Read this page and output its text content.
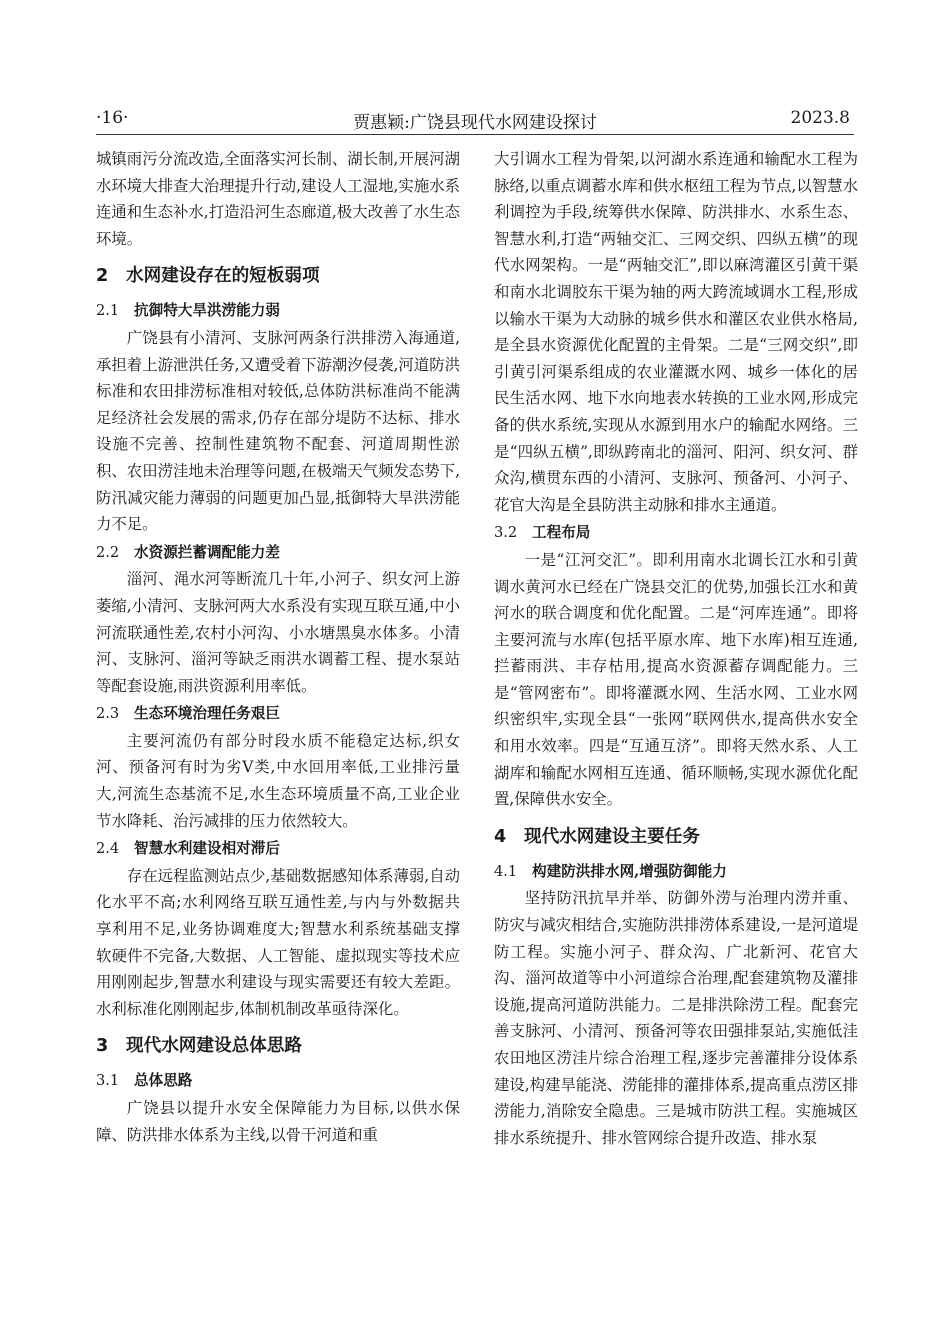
·16·	贾惠颖:广饶县现代水网建设探讨	2023.8

城镇雨污分流改造,全面落实河长制、湖长制,开展河湖水环境大排查大治理提升行动,建设人工湿地,实施水系连通和生态补水,打造沿河生态廊道,极大改善了水生态环境。

2 水网建设存在的短板弱项
2.1 抗御特大旱洪涝能力弱

广饶县有小清河、支脉河两条行洪排涝入海通道,承担着上游泄洪任务,又遭受着下游潮汐侵袭,河道防洪标准和农田排涝标准相对较低,总体防洪标准尚不能满足经济社会发展的需求,仍存在部分堤防不达标、排水设施不完善、控制性建筑物不配套、河道周期性淤积、农田涝洼地未治理等问题,在极端天气频发态势下,防汛减灾能力薄弱的问题更加凸显,抵御特大旱洪涝能力不足。

2.2 水资源拦蓄调配能力差

淄河、渑水河等断流几十年,小河子、织女河上游萎缩,小清河、支脉河两大水系没有实现互联互通,中小河流联通性差,农村小河沟、小水塘黑臭水体多。小清河、支脉河、淄河等缺乏雨洪水调蓄工程、提水泵站等配套设施,雨洪资源利用率低。

2.3 生态环境治理任务艰巨

主要河流仍有部分时段水质不能稳定达标,织女河、预备河有时为劣Ⅴ类,中水回用率低,工业排污量大,河流生态基流不足,水生态环境质量不高,工业企业节水降耗、治污减排的压力依然较大。

2.4 智慧水利建设相对滞后

存在远程监测站点少,基础数据感知体系薄弱,自动化水平不高;水利网络互联互通性差,与内与外数据共享利用不足,业务协调难度大;智慧水利系统基础支撑软硬件不完备,大数据、人工智能、虚拟现实等技术应用刚刚起步,智慧水利建设与现实需要还有较大差距。水利标准化刚刚起步,体制机制改革亟待深化。

3 现代水网建设总体思路
3.1 总体思路

广饶县以提升水安全保障能力为目标,以供水保障、防洪排水体系为主线,以骨干河道和重

大引调水工程为骨架,以河湖水系连通和输配水工程为脉络,以重点调蓄水库和供水枢纽工程为节点,以智慧水利调控为手段,统筹供水保障、防洪排水、水系生态、智慧水利,打造“两轴交汇、三网交织、四纵五横”的现代水网架构。一是“两轴交汇”,即以麻湾灌区引黄干渠和南水北调胶东干渠为轴的两大跨流域调水工程,形成以输水干渠为大动脉的城乡供水和灌区农业供水格局,是全县水资源优化配置的主骨架。二是“三网交织”,即引黄引河渠系组成的农业灌溉水网、城乡一体化的居民生活水网、地下水向地表水转换的工业水网,形成完备的供水系统,实现从水源到用水户的输配水网络。三是“四纵五横”,即纵跨南北的淄河、阳河、织女河、群众沟,横贯东西的小清河、支脉河、预备河、小河子、花官大沟是全县防洪主动脉和排水主通道。

3.2 工程布局

一是“江河交汇”。即利用南水北调长江水和引黄调水黄河水已经在广饶县交汇的优势,加强长江水和黄河水的联合调度和优化配置。二是“河库连通”。即将主要河流与水库(包括平原水库、地下水库)相互连通,拦蓄雨洪、丰存枯用,提高水资源蓄存调配能力。三是“管网密布”。即将灌溉水网、生活水网、工业水网织密织牢,实现全县“一张网”联网供水,提高供水安全和用水效率。四是“互通互济”。即将天然水系、人工湖库和输配水网相互连通、循环顺畅,实现水源优化配置,保障供水安全。

4 现代水网建设主要任务
4.1 构建防洪排水网,增强防御能力

坚持防汛抗旱并举、防御外涝与治理内涝并重、防灾与减灾相结合,实施防洪排涝体系建设,一是河道堤防工程。实施小河子、群众沟、广北新河、花官大沟、淄河故道等中小河道综合治理,配套建筑物及灌排设施,提高河道防洪能力。二是排洪除涝工程。配套完善支脉河、小清河、预备河等农田强排泵站,实施低洼农田地区涝洼片综合治理工程,逐步完善灌排分设体系建设,构建旱能浇、涝能排的灌排体系,提高重点涝区排涝能力,消除安全隐患。三是城市防洪工程。实施城区排水系统提升、排水管网综合提升改造、排水泵
